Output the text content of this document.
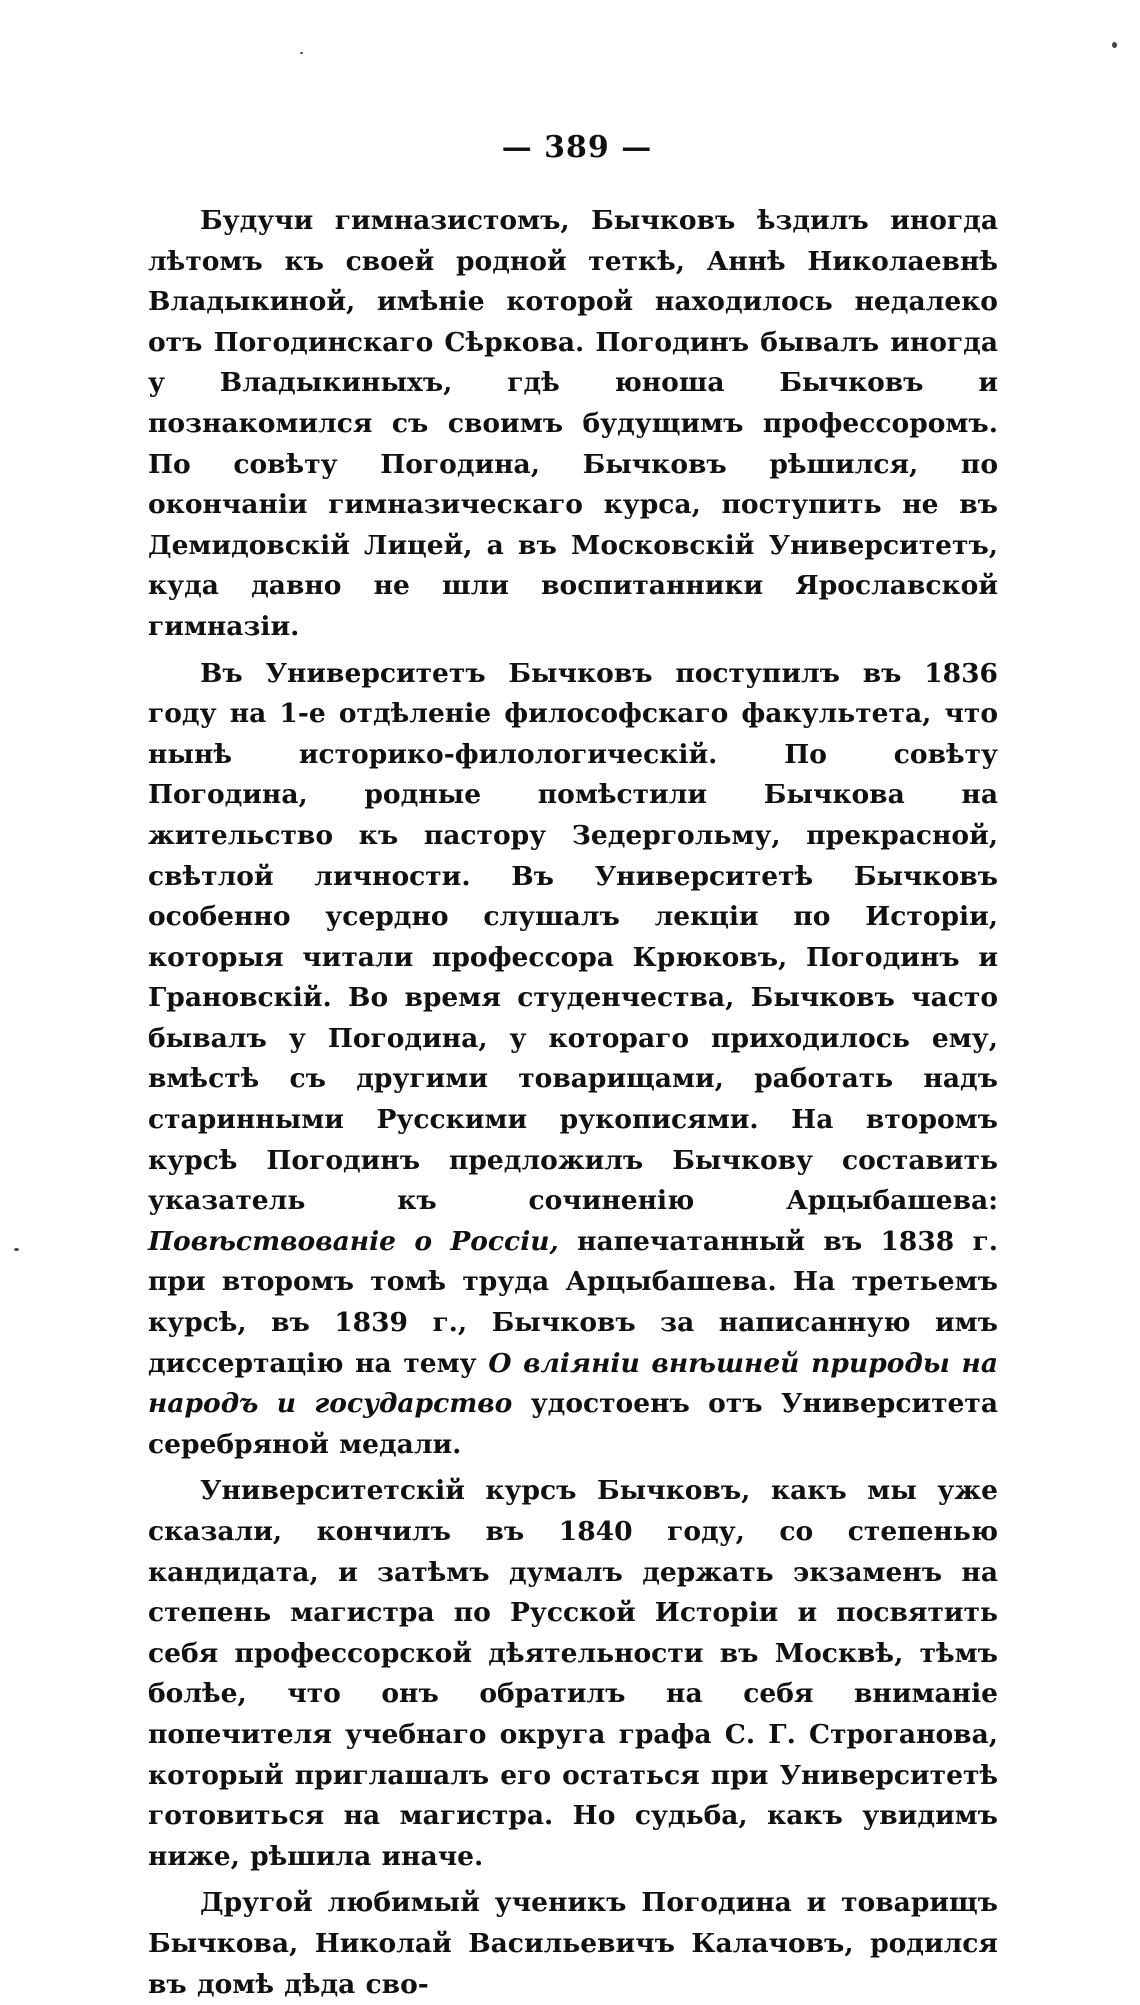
— 389 —

Будучи гимназистомъ, Бычковъ ѣздилъ иногда лѣтомъ къ своей родной теткѣ, Аннѣ Николаевнѣ Владыкиной, имѣніе которой находилось недалеко отъ Погодинскаго Сѣркова. Погодинъ бывалъ иногда у Владыкиныхъ, гдѣ юноша Бычковъ и познакомился съ своимъ будущимъ профессоромъ. По совѣту Погодина, Бычковъ рѣшился, по окончаніи гимназическаго курса, поступить не въ Демидовскій Лицей, а въ Московскій Университетъ, куда давно не шли воспитанники Ярославской гимназіи.

Въ Университетъ Бычковъ поступилъ въ 1836 году на 1-е отдѣленіе философскаго факультета, что нынѣ историко-филологическій. По совѣту Погодина, родные помѣстили Бычкова на жительство къ пастору Зедергольму, прекрасной, свѣтлой личности. Въ Университетѣ Бычковъ особенно усердно слушалъ лекціи по Исторіи, которыя читали профессора Крюковъ, Погодинъ и Грановскій. Во время студенчества, Бычковъ часто бывалъ у Погодина, у котораго приходилось ему, вмѣстѣ съ другими товарищами, работать надъ старинными Русскими рукописями. На второмъ курсѣ Погодинъ предложилъ Бычкову составить указатель къ сочиненію Арцыбашева: Повѣствованіе о Россіи, напечатанный въ 1838 г. при второмъ томѣ труда Арцыбашева. На третьемъ курсѣ, въ 1839 г., Бычковъ за написанную имъ диссертацію на тему О вліяніи внѣшней природы на народъ и государство удостоенъ отъ Университета серебряной медали.

Университетскій курсъ Бычковъ, какъ мы уже сказали, кончилъ въ 1840 году, со степенью кандидата, и затѣмъ думалъ держать экзаменъ на степень магистра по Русской Исторіи и посвятить себя профессорской дѣятельности въ Москвѣ, тѣмъ болѣе, что онъ обратилъ на себя вниманіе попечителя учебнаго округа графа С. Г. Строганова, который приглашалъ его остаться при Университетѣ готовиться на магистра. Но судьба, какъ увидимъ ниже, рѣшила иначе.

Другой любимый ученикъ Погодина и товарищъ Бычкова, Николай Васильевичъ Калачовъ, родился въ домѣ дѣда сво-
